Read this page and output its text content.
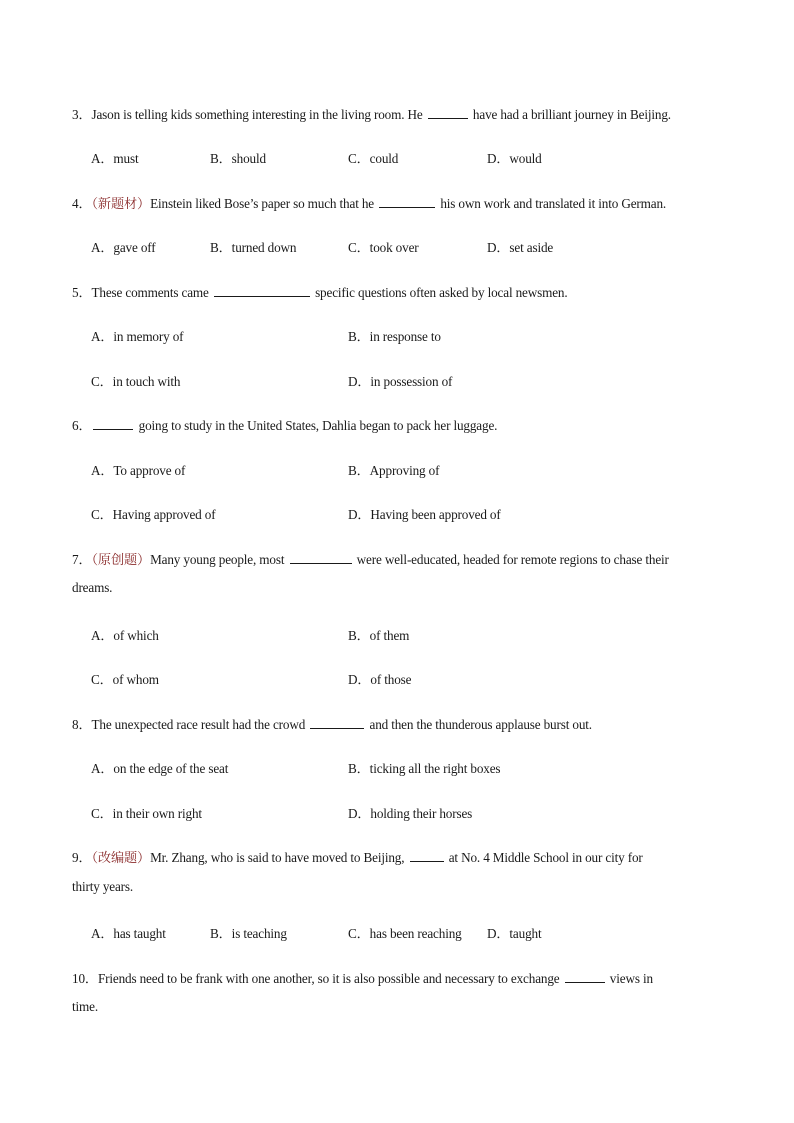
3．Jason is telling kids something interesting in the living room. He	have had a brilliant journey in Beijing.
A．must	B．should	C．could	D．would
4．（新题材）Einstein liked Bose’s paper so much that he	his own work and translated it into German.
A．gave off	B．turned down	C．took over	D．set aside
5．These comments came	specific questions often asked by local newsmen.
A．in memory of	B．in response to
C．in touch with	D．in possession of
6．	going to study in the United States, Dahlia began to pack her luggage.
A．To approve of	B．Approving of
C．Having approved of	D．Having been approved of
7．（原创题）Many young people, most	were well-educated, headed for remote regions to chase their
dreams.
A．of which	B．of them
C．of whom	D．of those
8．The unexpected race result had the crowd	and then the thunderous applause burst out.
A．on the edge of the seat	B．ticking all the right boxes
C．in their own right	D．holding their horses
9．（改编题）Mr. Zhang, who is said to have moved to Beijing,	at No. 4 Middle School in our city for
thirty years.
A．has taught	B．is teaching	C．has been reaching D．taught
10．Friends need to be frank with one another, so it is also possible and necessary to exchange	views in
time.
